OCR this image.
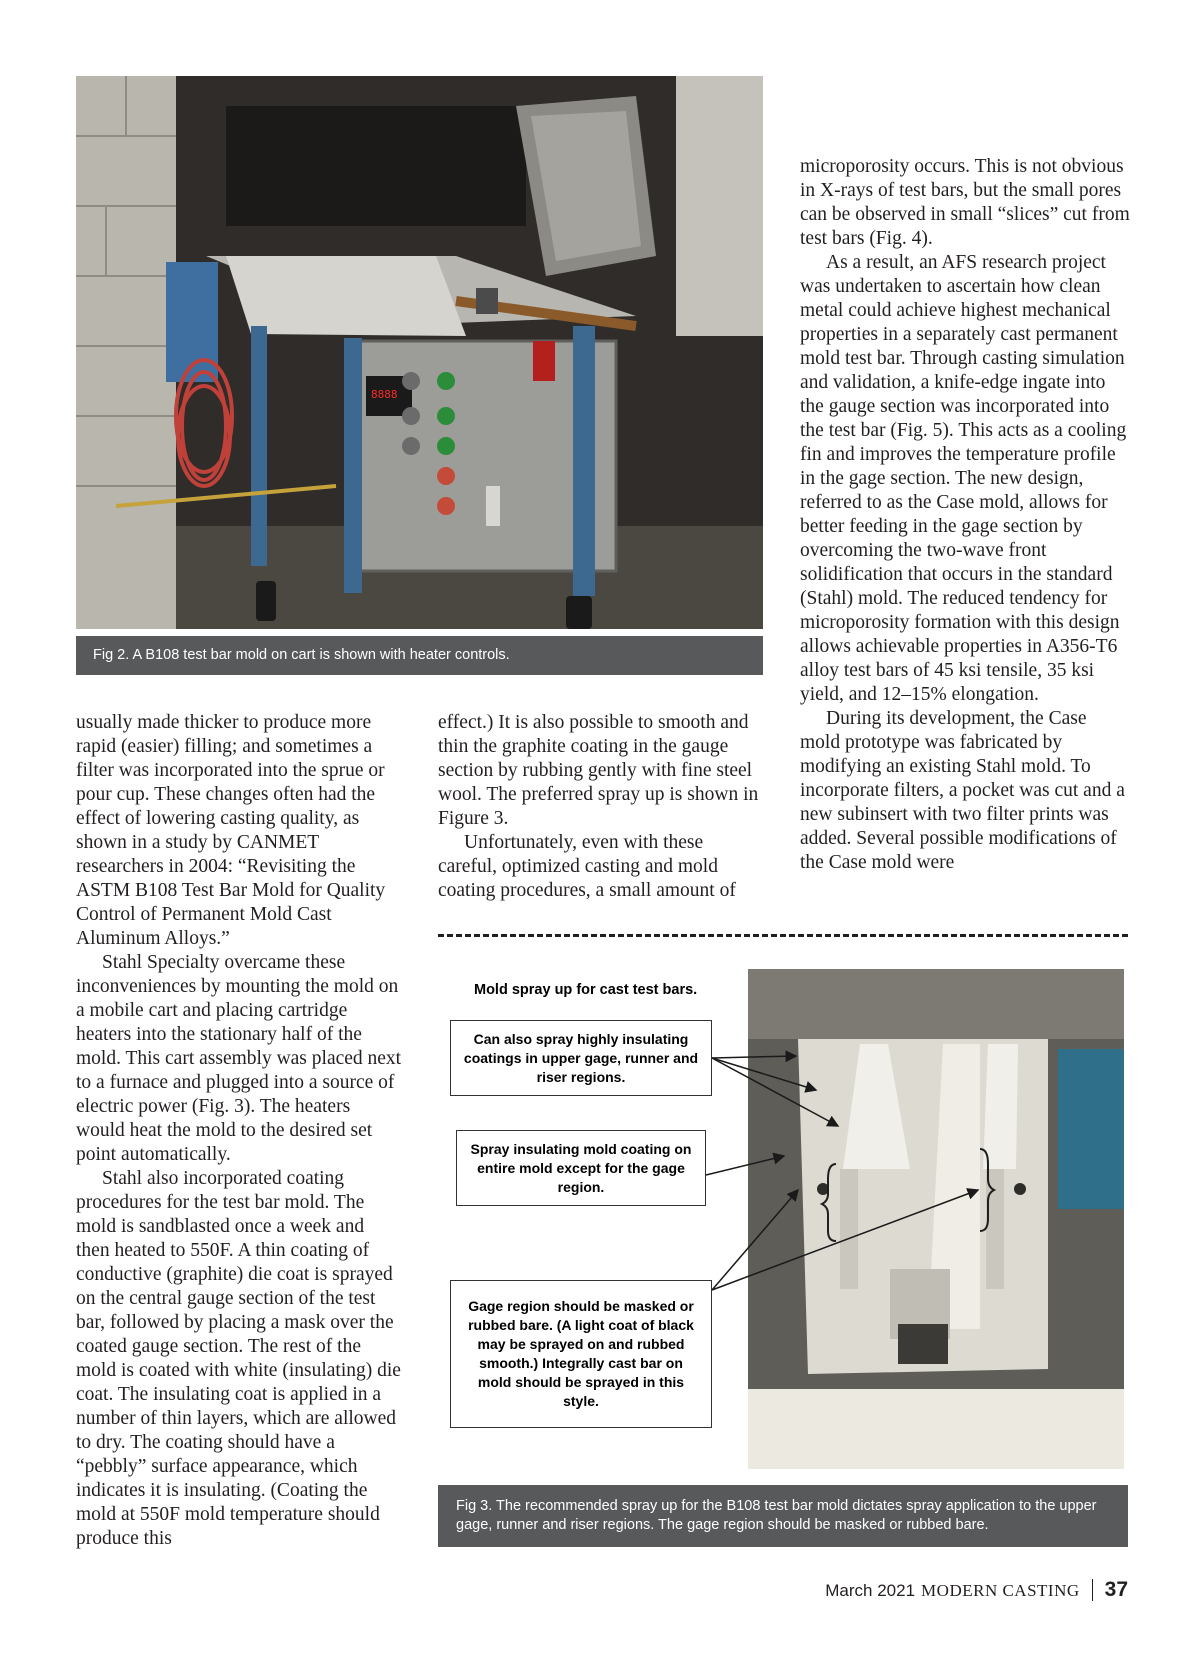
8888
Fig 2. A B108 test bar mold on cart is shown with heater controls.

usually made thicker to produce more rapid (easier) filling; and sometimes a filter was incorporated into the sprue or pour cup. These changes often had the effect of lowering casting quality, as shown in a study by CANMET researchers in 2004: “Revisiting the ASTM B108 Test Bar Mold for Quality Control of Permanent Mold Cast Aluminum Alloys.”

Stahl Specialty overcame these inconveniences by mounting the mold on a mobile cart and placing cartridge heaters into the stationary half of the mold. This cart assembly was placed next to a furnace and plugged into a source of electric power (Fig. 3). The heaters would heat the mold to the desired set point automatically.

Stahl also incorporated coating procedures for the test bar mold. The mold is sandblasted once a week and then heated to 550F. A thin coating of conductive (graphite) die coat is sprayed on the central gauge section of the test bar, followed by placing a mask over the coated gauge section. The rest of the mold is coated with white (insulating) die coat. The insulating coat is applied in a number of thin layers, which are allowed to dry. The coating should have a “pebbly” surface appearance, which indicates it is insulating. (Coating the mold at 550F mold temperature should produce this

effect.) It is also possible to smooth and thin the graphite coating in the gauge section by rubbing gently with fine steel wool. The preferred spray up is shown in Figure 3.

Unfortunately, even with these careful, optimized casting and mold coating procedures, a small amount of

microporosity occurs. This is not obvious in X-rays of test bars, but the small pores can be observed in small “slices” cut from test bars (Fig. 4).

As a result, an AFS research project was undertaken to ascertain how clean metal could achieve highest mechanical properties in a separately cast permanent mold test bar. Through casting simulation and validation, a knife-edge ingate into the gauge section was incorporated into the test bar (Fig. 5). This acts as a cooling fin and improves the temperature profile in the gage section. The new design, referred to as the Case mold, allows for better feeding in the gage section by overcoming the two-wave front solidification that occurs in the standard (Stahl) mold. The reduced tendency for microporosity formation with this design allows achievable properties in A356-T6 alloy test bars of 45 ksi tensile, 35 ksi yield, and 12–15% elongation.

During its development, the Case mold prototype was fabricated by modifying an existing Stahl mold. To incorporate filters, a pocket was cut and a new subinsert with two filter prints was added. Several possible modifications of the Case mold were

Mold spray up for cast test bars.
Can also spray highly insulating coatings in upper gage, runner and riser regions.
Spray insulating mold coating on entire mold except for the gage region.
Gage region should be masked or rubbed bare. (A light coat of black may be sprayed on and rubbed smooth.) Integrally cast bar on mold should be sprayed in this style.
Fig 3. The recommended spray up for the B108 test bar mold dictates spray application to the upper gage, runner and riser regions. The gage region should be masked or rubbed bare.
March 2021 MODERN CASTING 37
